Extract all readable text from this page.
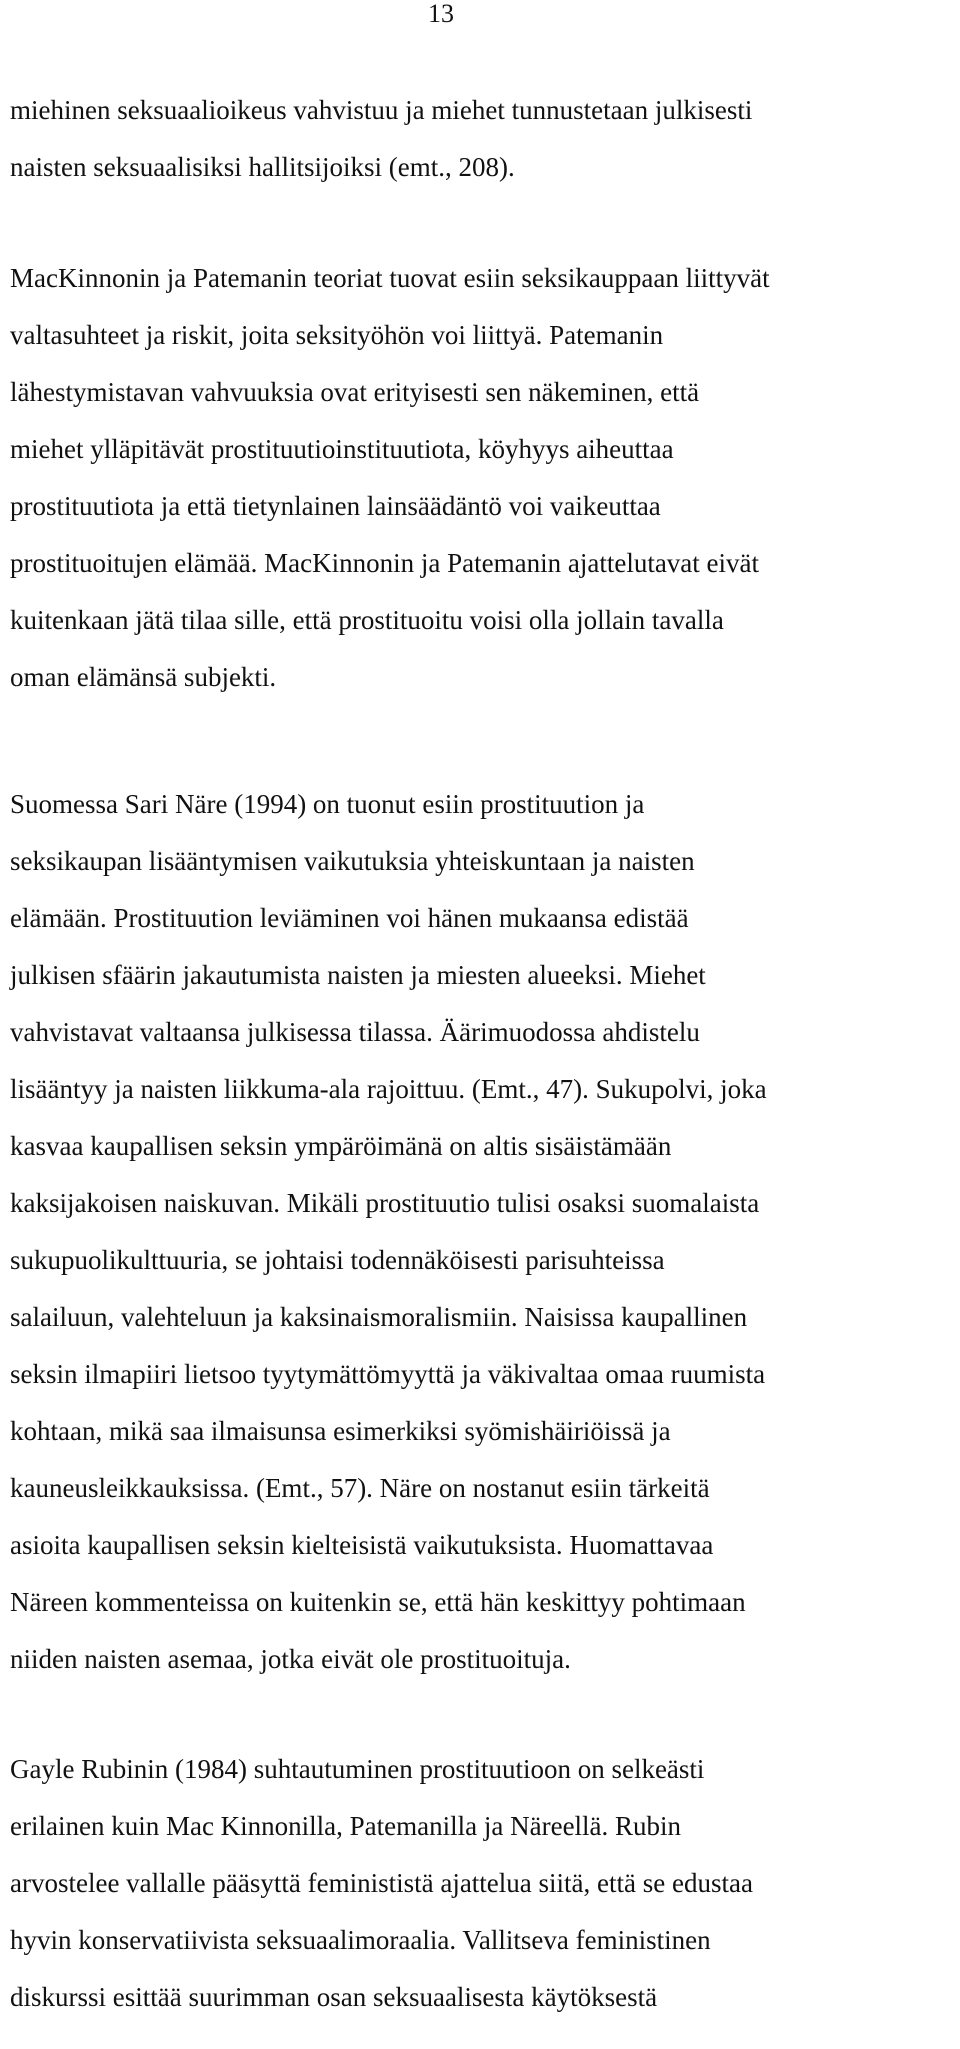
13

miehinen seksuaalioikeus vahvistuu ja miehet tunnustetaan julkisesti
naisten seksuaalisiksi hallitsijoiksi (emt., 208).

MacKinnonin ja Patemanin teoriat tuovat esiin seksikauppaan liittyvät
valtasuhteet ja riskit, joita seksityöhön voi liittyä. Patemanin
lähestymistavan vahvuuksia ovat erityisesti sen näkeminen, että
miehet ylläpitävät prostituutioinstituutiota, köyhyys aiheuttaa
prostituutiota ja että tietynlainen lainsäädäntö voi vaikeuttaa
prostituoitujen elämää. MacKinnonin ja Patemanin ajattelutavat eivät
kuitenkaan jätä tilaa sille, että prostituoitu voisi olla jollain tavalla
oman elämänsä subjekti.

Suomessa Sari Näre (1994) on tuonut esiin prostituution ja
seksikaupan lisääntymisen vaikutuksia yhteiskuntaan ja naisten
elämään. Prostituution leviäminen voi hänen mukaansa edistää
julkisen sfäärin jakautumista naisten ja miesten alueeksi. Miehet
vahvistavat valtaansa julkisessa tilassa. Äärimuodossa ahdistelu
lisääntyy ja naisten liikkuma-ala rajoittuu. (Emt., 47). Sukupolvi, joka
kasvaa kaupallisen seksin ympäröimänä on altis sisäistämään
kaksijakoisen naiskuvan. Mikäli prostituutio tulisi osaksi suomalaista
sukupuolikulttuuria, se johtaisi todennäköisesti parisuhteissa
salailuun, valehteluun ja kaksinaismoralismiin. Naisissa kaupallinen
seksin ilmapiiri lietsoo tyytymättömyyttä ja väkivaltaa omaa ruumista
kohtaan, mikä saa ilmaisunsa esimerkiksi syömishäiriöissä ja
kauneusleikkauksissa. (Emt., 57). Näre on nostanut esiin tärkeitä
asioita kaupallisen seksin kielteisistä vaikutuksista. Huomattavaa
Näreen kommenteissa on kuitenkin se, että hän keskittyy pohtimaan
niiden naisten asemaa, jotka eivät ole prostituoituja.

Gayle Rubinin (1984) suhtautuminen prostituutioon on selkeästi
erilainen kuin Mac Kinnonilla, Patemanilla ja Näreellä. Rubin
arvostelee vallalle pääsyttä feminististä ajattelua siitä, että se edustaa
hyvin konservatiivista seksuaalimoraalia. Vallitseva feministinen
diskurssi esittää suurimman osan seksuaalisesta käytöksestä
